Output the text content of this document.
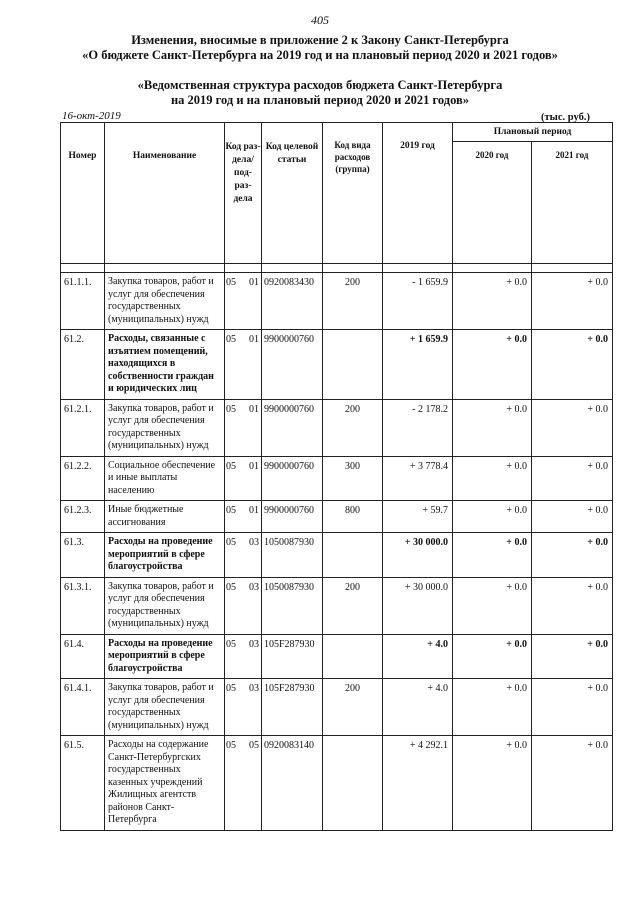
405
Изменения, вносимые в приложение 2 к Закону Санкт-Петербурга
«О бюджете Санкт-Петербурга на 2019 год и на плановый период 2020 и 2021 годов»
«Ведомственная структура расходов бюджета Санкт-Петербурга
на 2019 год и на плановый период 2020 и 2021 годов»
16-окт-2019	(тыс. руб.)
Номер	Наименование	Код раз- дела/ под- раз- дела	Код целевой статьи	Код вида расходов (группа)	2019 год	Плановый период	
						2020 год	2021 год

61.1.1.	Закупка товаров, работ и услуг для обеспечения государственных (муниципальных) нужд	05 01	0920083430	200	- 1 659.9	+ 0.0	+ 0.0
61.2.	Расходы, связанные с изъятием помещений, находящихся в собственности граждан и юридических лиц	05 01	9900000760		+ 1 659.9	+ 0.0	+ 0.0
61.2.1.	Закупка товаров, работ и услуг для обеспечения государственных (муниципальных) нужд	05 01	9900000760	200	- 2 178.2	+ 0.0	+ 0.0
61.2.2.	Социальное обеспечение и иные выплаты населению	05 01	9900000760	300	+ 3 778.4	+ 0.0	+ 0.0
61.2.3.	Иные бюджетные ассигнования	05 01	9900000760	800	+ 59.7	+ 0.0	+ 0.0
61.3.	Расходы на проведение мероприятий в сфере благоустройства	05 03	1050087930		+ 30 000.0	+ 0.0	+ 0.0
61.3.1.	Закупка товаров, работ и услуг для обеспечения государственных (муниципальных) нужд	05 03	1050087930	200	+ 30 000.0	+ 0.0	+ 0.0
61.4.	Расходы на проведение мероприятий в сфере благоустройства	05 03	105F287930		+ 4.0	+ 0.0	+ 0.0
61.4.1.	Закупка товаров, работ и услуг для обеспечения государственных (муниципальных) нужд	05 03	105F287930	200	+ 4.0	+ 0.0	+ 0.0
61.5.	Расходы на содержание Санкт-Петербургских государственных казенных учреждений Жилищных агентств районов Санкт-Петербурга	05 05	0920083140		+ 4 292.1	+ 0.0	+ 0.0
